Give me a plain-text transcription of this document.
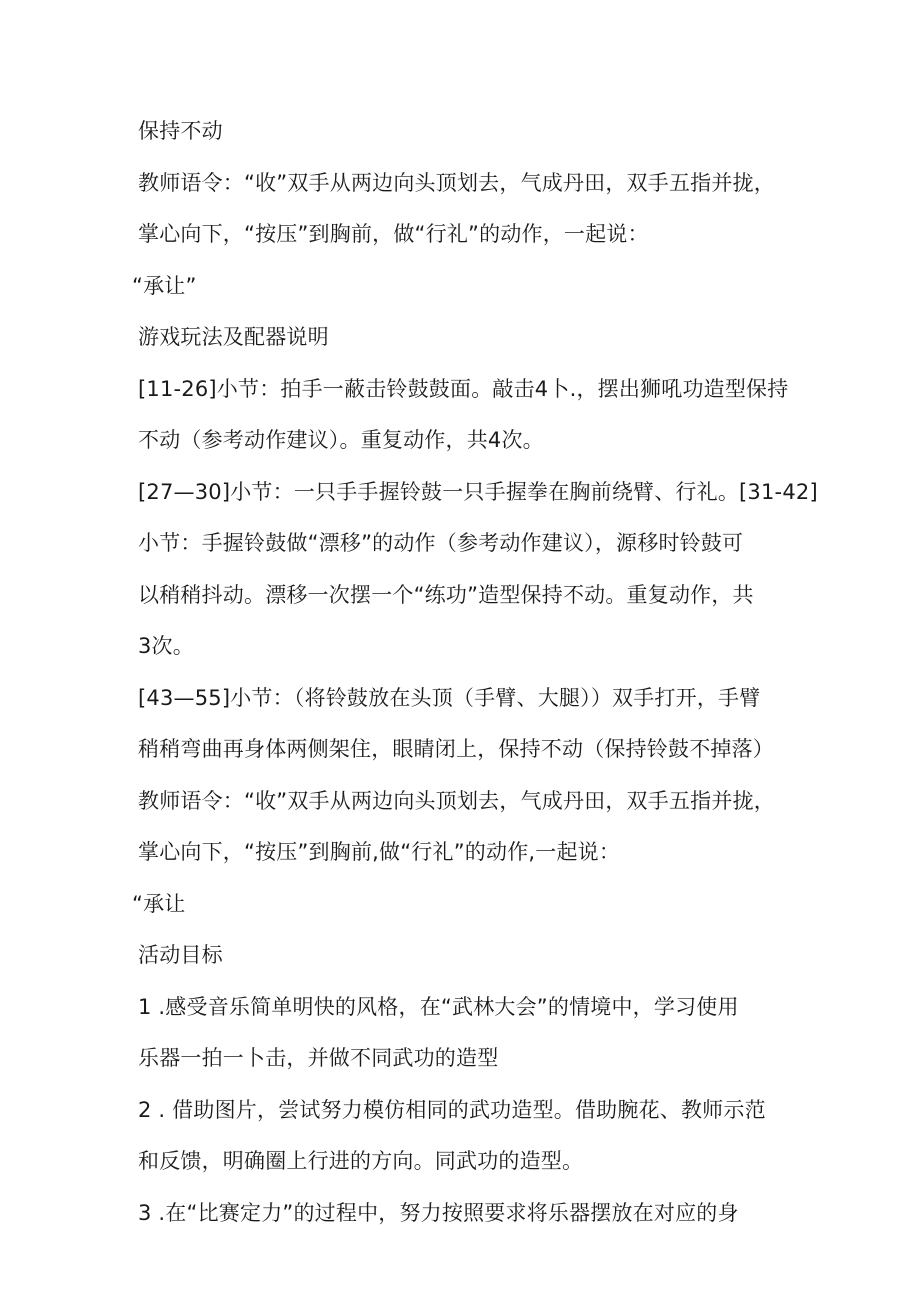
保持不动
教师语令：“收”双手从两边向头顶划去，气成丹田，双手五指并拢，
掌心向下，“按压”到胸前，做“行礼”的动作，一起说：
“承让”
游戏玩法及配器说明
[11-26]小节：拍手一蔽击铃鼓鼓面。敲击4卜.，摆出狮吼功造型保持
不动（参考动作建议）。重复动作，共4次。
[27—30]小节：一只手手握铃鼓一只手握拳在胸前绕臂、行礼。[31-42]
小节：手握铃鼓做“漂移”的动作（参考动作建议），源移时铃鼓可
以稍稍抖动。漂移一次摆一个“练功”造型保持不动。重复动作，共
3次。
[43—55]小节：（将铃鼓放在头顶（手臂、大腿））双手打开，手臂
稍稍弯曲再身体两侧架住，眼睛闭上，保持不动（保持铃鼓不掉落）
教师语令：“收”双手从两边向头顶划去，气成丹田，双手五指并拢，
掌心向下，“按压”到胸前,做“行礼”的动作,一起说：
“承让
活动目标
1 .感受音乐简单明快的风格，在“武林大会”的情境中，学习使用
乐器一拍一卜击，并做不同武功的造型
2 . 借助图片，尝试努力模仿相同的武功造型。借助腕花、教师示范
和反馈，明确圈上行进的方向。同武功的造型。
3 .在“比赛定力”的过程中，努力按照要求将乐器摆放在对应的身
